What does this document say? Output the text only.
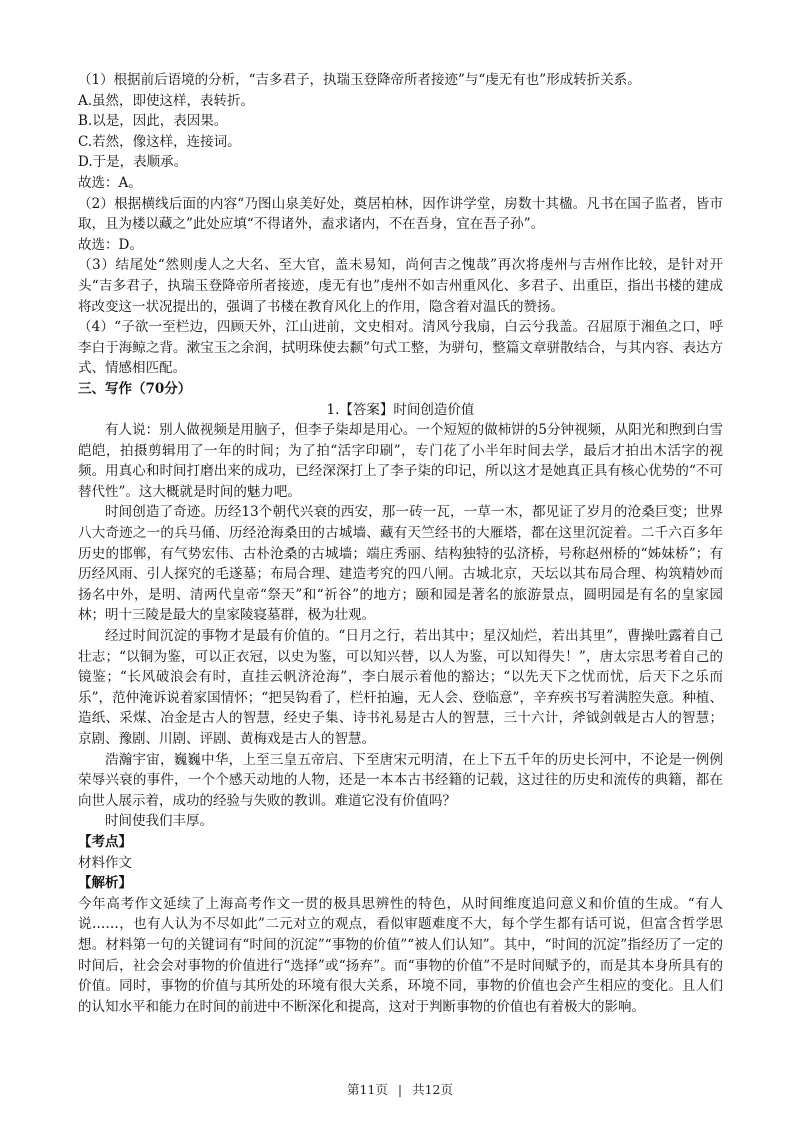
（1）根据前后语境的分析，“吉多君子，执瑞玉登降帝所者接迹”与“虔无有也”形成转折关系。

A.虽然，即使这样，表转折。

B.以是，因此，表因果。

C.若然，像这样，连接词。

D.于是，表顺承。

故选：A。

（2）根据横线后面的内容“乃图山泉美好处，奠居柏林，因作讲学堂，房数十其楹。凡书在国子监者，皆市取，且为楼以藏之”此处应填“不得诸外，盍求诸内，不在吾身，宜在吾子孙”。

故选：D。

（3）结尾处“然则虔人之大名、至大官，盖未易知，尚何吉之愧哉”再次将虔州与吉州作比较，是针对开头“吉多君子，执瑞玉登降帝所者接迹，虔无有也”虔州不如吉州重风化、多君子、出重臣，指出书楼的建成将改变这一状况提出的，强调了书楼在教育风化上的作用，隐含着对温氏的赞扬。

（4）“子欲一至栏边，四顾天外，江山进前，文史相对。清风兮我扇，白云兮我盖。召屈原于湘鱼之口，呼李白于海鲸之背。漱宝玉之余润，拭明珠使去颣”句式工整，为骈句，整篇文章骈散结合，与其内容、表达方式、情感相匹配。

三、写作（70分）

1.【答案】时间创造价值

有人说：别人做视频是用脑子，但李子柒却是用心。一个短短的做柿饼的5分钟视频，从阳光和煦到白雪皑皑，拍摄剪辑用了一年的时间；为了拍“活字印刷”，专门花了小半年时间去学，最后才拍出木活字的视频。用真心和时间打磨出来的成功，已经深深打上了李子柒的印记，所以这才是她真正具有核心优势的“不可替代性”。这大概就是时间的魅力吧。

时间创造了奇迹。历经13个朝代兴衰的西安，那一砖一瓦，一草一木，都见证了岁月的沧桑巨变；世界八大奇迹之一的兵马俑、历经沧海桑田的古城墙、藏有天竺经书的大雁塔，都在这里沉淀着。二千六百多年历史的邯郸，有气势宏伟、古朴沧桑的古城墙；端庄秀丽、结构独特的弘济桥，号称赵州桥的“姊妹桥”；有历经风雨、引人探究的毛遂墓；布局合理、建造考究的四八闸。古城北京，天坛以其布局合理、构筑精妙而扬名中外，是明、清两代皇帝“祭天”和“祈谷”的地方；颐和园是著名的旅游景点，圆明园是有名的皇家园林；明十三陵是最大的皇家陵寝墓群，极为壮观。

经过时间沉淀的事物才是最有价值的。“日月之行，若出其中；星汉灿烂，若出其里”，曹操吐露着自己壮志；“以铜为鉴，可以正衣冠，以史为鉴，可以知兴替，以人为鉴，可以知得失！”，唐太宗思考着自己的镜鉴；“长风破浪会有时，直挂云帆济沧海”，李白展示着他的豁达；“以先天下之忧而忧，后天下之乐而乐”，范仲淹诉说着家国情怀；“把吴钩看了，栏杆拍遍，无人会、登临意”，辛弃疾书写着满腔失意。种植、造纸、采煤、冶金是古人的智慧，经史子集、诗书礼易是古人的智慧，三十六计，斧钺剑戟是古人的智慧；京剧、豫剧、川剧、评剧、黄梅戏是古人的智慧。

浩瀚宇宙，巍巍中华，上至三皇五帝启、下至唐宋元明清，在上下五千年的历史长河中，不论是一例例荣辱兴衰的事件，一个个感天动地的人物，还是一本本古书经籍的记载，这过往的历史和流传的典籍，都在向世人展示着，成功的经验与失败的教训。难道它没有价值吗？

时间使我们丰厚。

【考点】

材料作文

【解析】

今年高考作文延续了上海高考作文一贯的极具思辨性的特色，从时间维度追问意义和价值的生成。“有人说……，也有人认为不尽如此”二元对立的观点，看似审题难度不大，每个学生都有话可说，但富含哲学思想。材料第一句的关键词有“时间的沉淀”“事物的价值”“被人们认知”。其中，“时间的沉淀”指经历了一定的时间后，社会会对事物的价值进行“选择”或“扬弃”。而“事物的价值”不是时间赋予的，而是其本身所具有的价值。同时，事物的价值与其所处的环境有很大关系，环境不同，事物的价值也会产生相应的变化。且人们的认知水平和能力在时间的前进中不断深化和提高，这对于判断事物的价值也有着极大的影响。

第11页 | 共12页
